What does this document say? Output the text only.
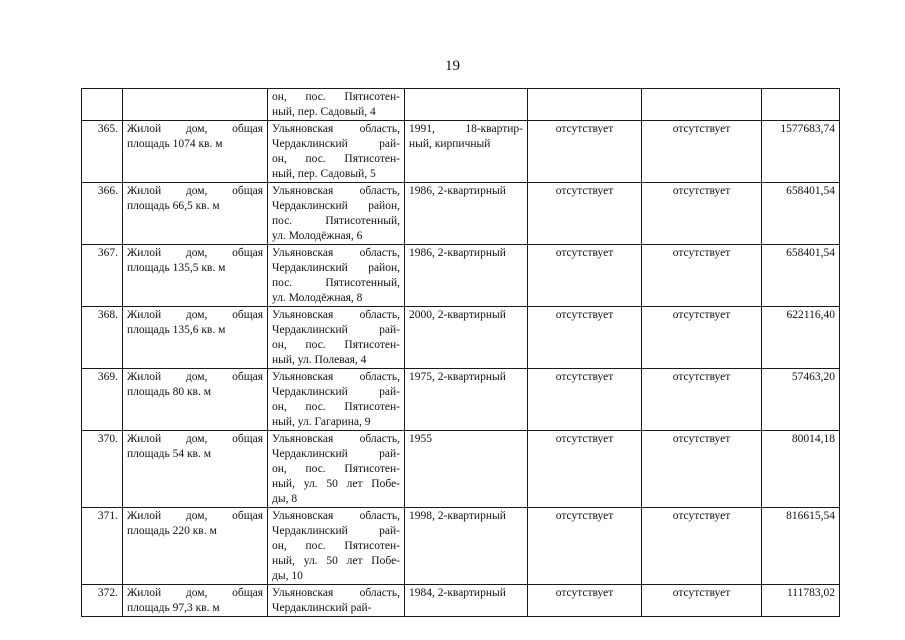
19

		он, пос. Пятисотен-
ный, пер. Садовый, 4				

365.	Жилой дом, общая
площадь 1074 кв. м	Ульяновская область,
Чердаклинский рай-
он, пос. Пятисотен-
ный, пер. Садовый, 5	1991, 18-квартир-
ный, кирпичный	отсутствует	отсутствует	1577683,74
366.	Жилой дом, общая
площадь 66,5 кв. м	Ульяновская область,
Чердаклинский район,
пос. Пятисотенный,
ул. Молодёжная, 6	1986, 2-квартирный	отсутствует	отсутствует	658401,54
367.	Жилой дом, общая
площадь 135,5 кв. м	Ульяновская область,
Чердаклинский район,
пос. Пятисотенный,
ул. Молодёжная, 8	1986, 2-квартирный	отсутствует	отсутствует	658401,54
368.	Жилой дом, общая
площадь 135,6 кв. м	Ульяновская область,
Чердаклинский рай-
он, пос. Пятисотен-
ный, ул. Полевая, 4	2000, 2-квартирный	отсутствует	отсутствует	622116,40
369.	Жилой дом, общая
площадь 80 кв. м	Ульяновская область,
Чердаклинский рай-
он, пос. Пятисотен-
ный, ул. Гагарина, 9	1975, 2-квартирный	отсутствует	отсутствует	57463,20
370.	Жилой дом, общая
площадь 54 кв. м	Ульяновская область,
Чердаклинский рай-
он, пос. Пятисотен-
ный, ул. 50 лет Побе-
ды, 8	1955	отсутствует	отсутствует	80014,18
371.	Жилой дом, общая
площадь 220 кв. м	Ульяновская область,
Чердаклинский рай-
он, пос. Пятисотен-
ный, ул. 50 лет Побе-
ды, 10	1998, 2-квартирный	отсутствует	отсутствует	816615,54
372.	Жилой дом, общая
площадь 97,3 кв. м	Ульяновская область,
Чердаклинский рай-	1984, 2-квартирный	отсутствует	отсутствует	111783,02
